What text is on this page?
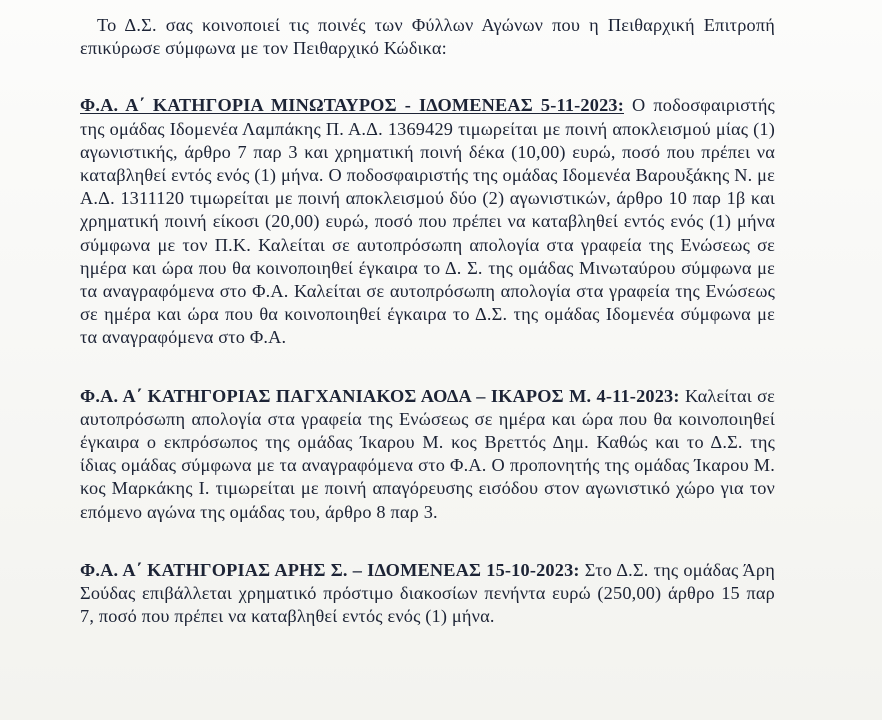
Το Δ.Σ. σας κοινοποιεί τις ποινές των Φύλλων Αγώνων που η Πειθαρχική Επιτροπή επικύρωσε σύμφωνα με τον Πειθαρχικό Κώδικα:

Φ.Α. Α΄ ΚΑΤΗΓΟΡΙΑ ΜΙΝΩΤΑΥΡΟΣ - ΙΔΟΜΕΝΕΑΣ 5-11-2023: Ο ποδοσφαιριστής της ομάδας Ιδομενέα Λαμπάκης Π. Α.Δ. 1369429 τιμωρείται με ποινή αποκλεισμού μίας (1) αγωνιστικής, άρθρο 7 παρ 3 και χρηματική ποινή δέκα (10,00) ευρώ, ποσό που πρέπει να καταβληθεί εντός ενός (1) μήνα. Ο ποδοσφαιριστής της ομάδας Ιδομενέα Βαρουξάκης Ν. με Α.Δ. 1311120 τιμωρείται με ποινή αποκλεισμού δύο (2) αγωνιστικών, άρθρο 10 παρ 1β και χρηματική ποινή είκοσι (20,00) ευρώ, ποσό που πρέπει να καταβληθεί εντός ενός (1) μήνα σύμφωνα με τον Π.Κ. Καλείται σε αυτοπρόσωπη απολογία στα γραφεία της Ενώσεως σε ημέρα και ώρα που θα κοινοποιηθεί έγκαιρα το Δ. Σ. της ομάδας Μινωταύρου σύμφωνα με τα αναγραφόμενα στο Φ.Α. Καλείται σε αυτοπρόσωπη απολογία στα γραφεία της Ενώσεως σε ημέρα και ώρα που θα κοινοποιηθεί έγκαιρα το Δ.Σ. της ομάδας Ιδομενέα σύμφωνα με τα αναγραφόμενα στο Φ.Α.

Φ.Α. Α΄ ΚΑΤΗΓΟΡΙΑΣ ΠΑΓΧΑΝΙΑΚΟΣ ΑΟΔΑ – ΙΚΑΡΟΣ Μ. 4-11-2023: Καλείται σε αυτοπρόσωπη απολογία στα γραφεία της Ενώσεως σε ημέρα και ώρα που θα κοινοποιηθεί έγκαιρα ο εκπρόσωπος της ομάδας Ίκαρου Μ. κος Βρεττός Δημ. Καθώς και το Δ.Σ. της ίδιας ομάδας σύμφωνα με τα αναγραφόμενα στο Φ.Α. Ο προπονητής της ομάδας Ίκαρου Μ. κος Μαρκάκης Ι. τιμωρείται με ποινή απαγόρευσης εισόδου στον αγωνιστικό χώρο για τον επόμενο αγώνα της ομάδας του, άρθρο 8 παρ 3.

Φ.Α. Α΄ ΚΑΤΗΓΟΡΙΑΣ ΑΡΗΣ Σ. – ΙΔΟΜΕΝΕΑΣ 15-10-2023: Στο Δ.Σ. της ομάδας Άρη Σούδας επιβάλλεται χρηματικό πρόστιμο διακοσίων πενήντα ευρώ (250,00) άρθρο 15 παρ 7, ποσό που πρέπει να καταβληθεί εντός ενός (1) μήνα.
